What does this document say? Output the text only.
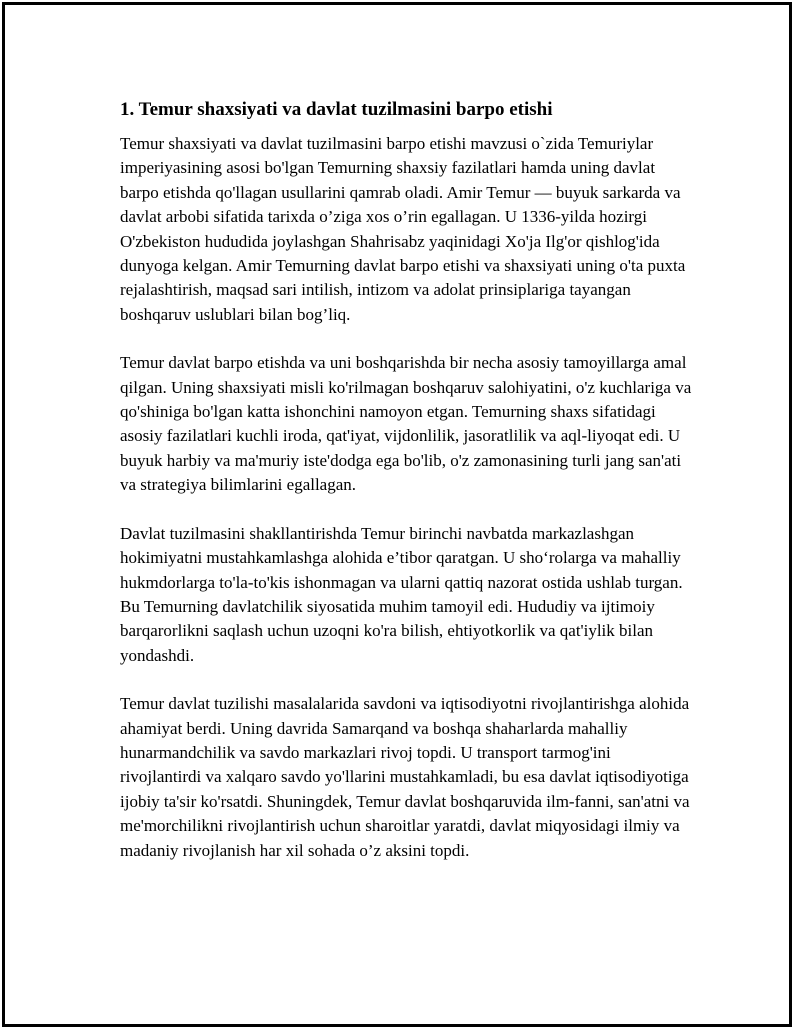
1. Temur shaxsiyati va davlat tuzilmasini barpo etishi

Temur shaxsiyati va davlat tuzilmasini barpo etishi mavzusi o`zida Temuriylar imperiyasining asosi bo'lgan Temurning shaxsiy fazilatlari hamda uning davlat barpo etishda qo'llagan usullarini qamrab oladi. Amir Temur — buyuk sarkarda va davlat arbobi sifatida tarixda o’ziga xos o’rin egallagan. U 1336-yilda hozirgi O'zbekiston hududida joylashgan Shahrisabz yaqinidagi Xo'ja Ilg'or qishlog'ida dunyoga kelgan. Amir Temurning davlat barpo etishi va shaxsiyati uning o'ta puxta rejalashtirish, maqsad sari intilish, intizom va adolat prinsiplariga tayangan boshqaruv uslublari bilan bog’liq.

Temur davlat barpo etishda va uni boshqarishda bir necha asosiy tamoyillarga amal qilgan. Uning shaxsiyati misli ko'rilmagan boshqaruv salohiyatini, o'z kuchlariga va qo'shiniga bo'lgan katta ishonchini namoyon etgan. Temurning shaxs sifatidagi asosiy fazilatlari kuchli iroda, qat'iyat, vijdonlilik, jasoratlilik va aql-liyoqat edi. U buyuk harbiy va ma'muriy iste'dodga ega bo'lib, o'z zamonasining turli jang san'ati va strategiya bilimlarini egallagan.

Davlat tuzilmasini shakllantirishda Temur birinchi navbatda markazlashgan hokimiyatni mustahkamlashga alohida e’tibor qaratgan. U sho‘rolarga va mahalliy hukmdorlarga to'la-to'kis ishonmagan va ularni qattiq nazorat ostida ushlab turgan. Bu Temurning davlatchilik siyosatida muhim tamoyil edi. Hududiy va ijtimoiy barqarorlikni saqlash uchun uzoqni ko'ra bilish, ehtiyotkorlik va qat'iylik bilan yondashdi.

Temur davlat tuzilishi masalalarida savdoni va iqtisodiyotni rivojlantirishga alohida ahamiyat berdi. Uning davrida Samarqand va boshqa shaharlarda mahalliy hunarmandchilik va savdo markazlari rivoj topdi. U transport tarmog'ini rivojlantirdi va xalqaro savdo yo'llarini mustahkamladi, bu esa davlat iqtisodiyotiga ijobiy ta'sir ko'rsatdi. Shuningdek, Temur davlat boshqaruvida ilm-fanni, san'atni va me'morchilikni rivojlantirish uchun sharoitlar yaratdi, davlat miqyosidagi ilmiy va madaniy rivojlanish har xil sohada o’z aksini topdi.
